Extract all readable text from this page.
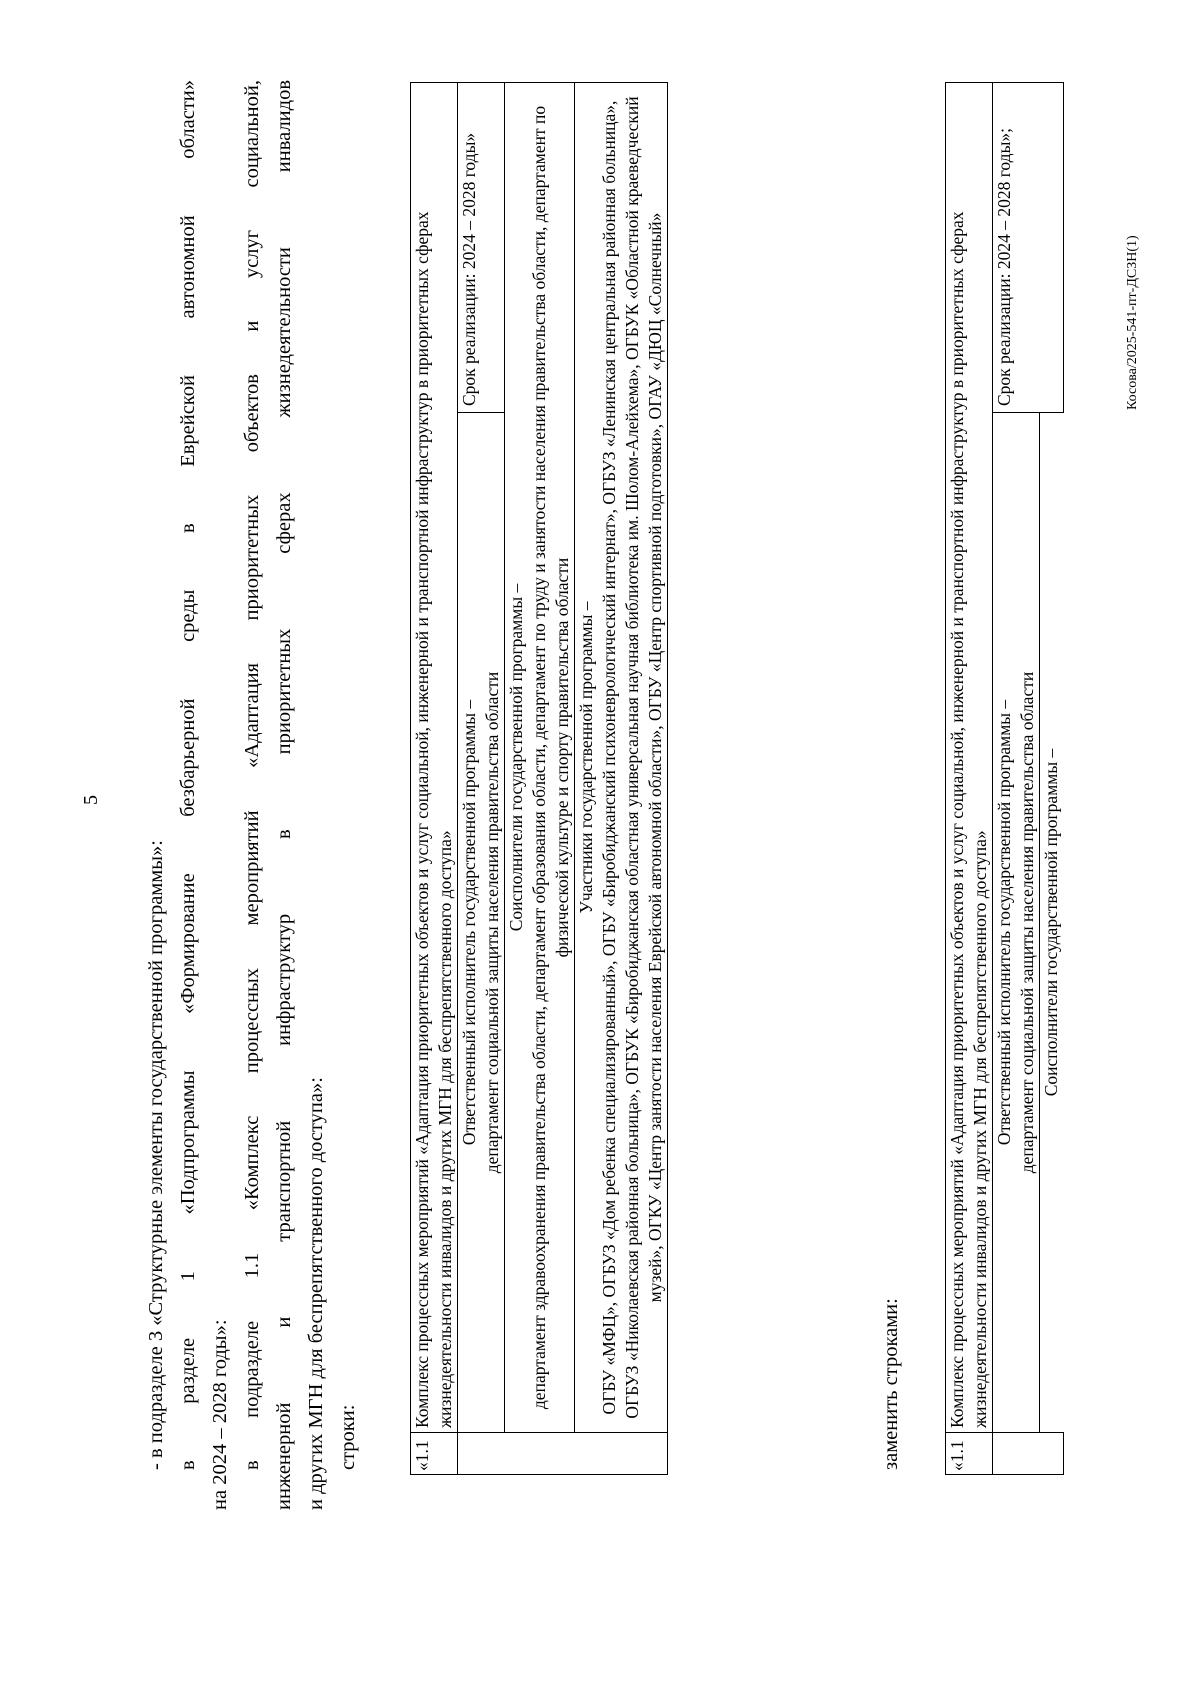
5

- в подразделе 3 «Структурные элементы государственной программы»: в разделе 1 «Подпрограммы «Формирование безбарьерной среды в Еврейской автономной области» на 2024 – 2028 годы»: в подразделе 1.1 «Комплекс процессных мероприятий «Адаптация приоритетных объектов и услуг социальной, инженерной и транспортной инфраструктур в приоритетных сферах жизнедеятельности инвалидов и других МГН для беспрепятственного доступа»: строки:	«1.1	Комплекс процессных мероприятий «Адаптация приоритетных объектов и услуг социальной, инженерной и транспортной инфраструктур в приоритетных сферах жизнедеятельности инвалидов и других МГН для беспрепятственного доступа»	

	Ответственный исполнитель государственной программы – департамент социальной защиты населения правительства области	Срок реализации: 2024 – 2028 годы»

	Соисполнители государственной программы – департамент здравоохранения правительства области, департамент образования области, департамент по труду и занятости населения правительства области, департамент по физической культуре и спорту правительства области	

	Участники государственной программы – ОГБУ «МФЦ», ОГБУЗ «Дом ребенка специализированный», ОГБУ «Биробиджанский психоневрологический интернат», ОГБУЗ «Ленинская центральная районная больница», ОГБУЗ «Николаевская районная больница», ОГБУК «Биробиджанская областная универсальная научная библиотека им. Шолом-Алейхема», ОГБУК «Областной краеведческий музей», ОГКУ «Центр занятости населения Еврейской автономной области», ОГБУ «Центр спортивной подготовки», ОГАУ «ДЮЦ «Солнечный»	
заменить строками:	«1.1	Комплекс процессных мероприятий «Адаптация приоритетных объектов и услуг социальной, инженерной и транспортной инфраструктур в приоритетных сферах жизнедеятельности инвалидов и других МГН для беспрепятственного доступа»	

	Ответственный исполнитель государственной программы – департамент социальной защиты населения правительства области	Срок реализации: 2024 – 2028 годы»;

	Соисполнители государственной программы –	
Косова/2025-541-пт-ДСЗН(1)
